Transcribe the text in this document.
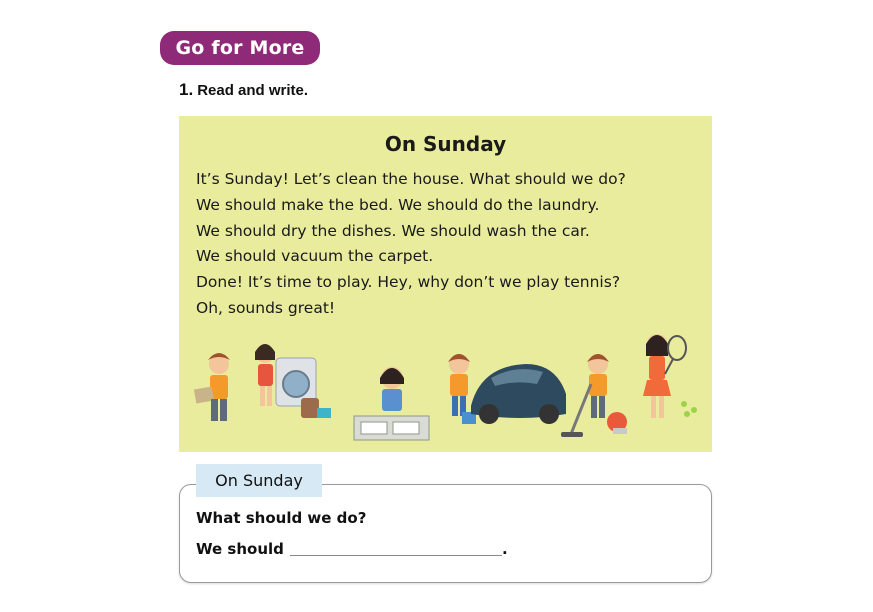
Go for More
1. Read and write.
On Sunday
It’s Sunday! Let’s clean the house. What should we do?
We should make the bed. We should do the laundry.
We should dry the dishes. We should wash the car.
We should vacuum the carpet.
Done! It’s time to play. Hey, why don’t we play tennis?
Oh, sounds great!
On Sunday
What should we do?
We should	.
